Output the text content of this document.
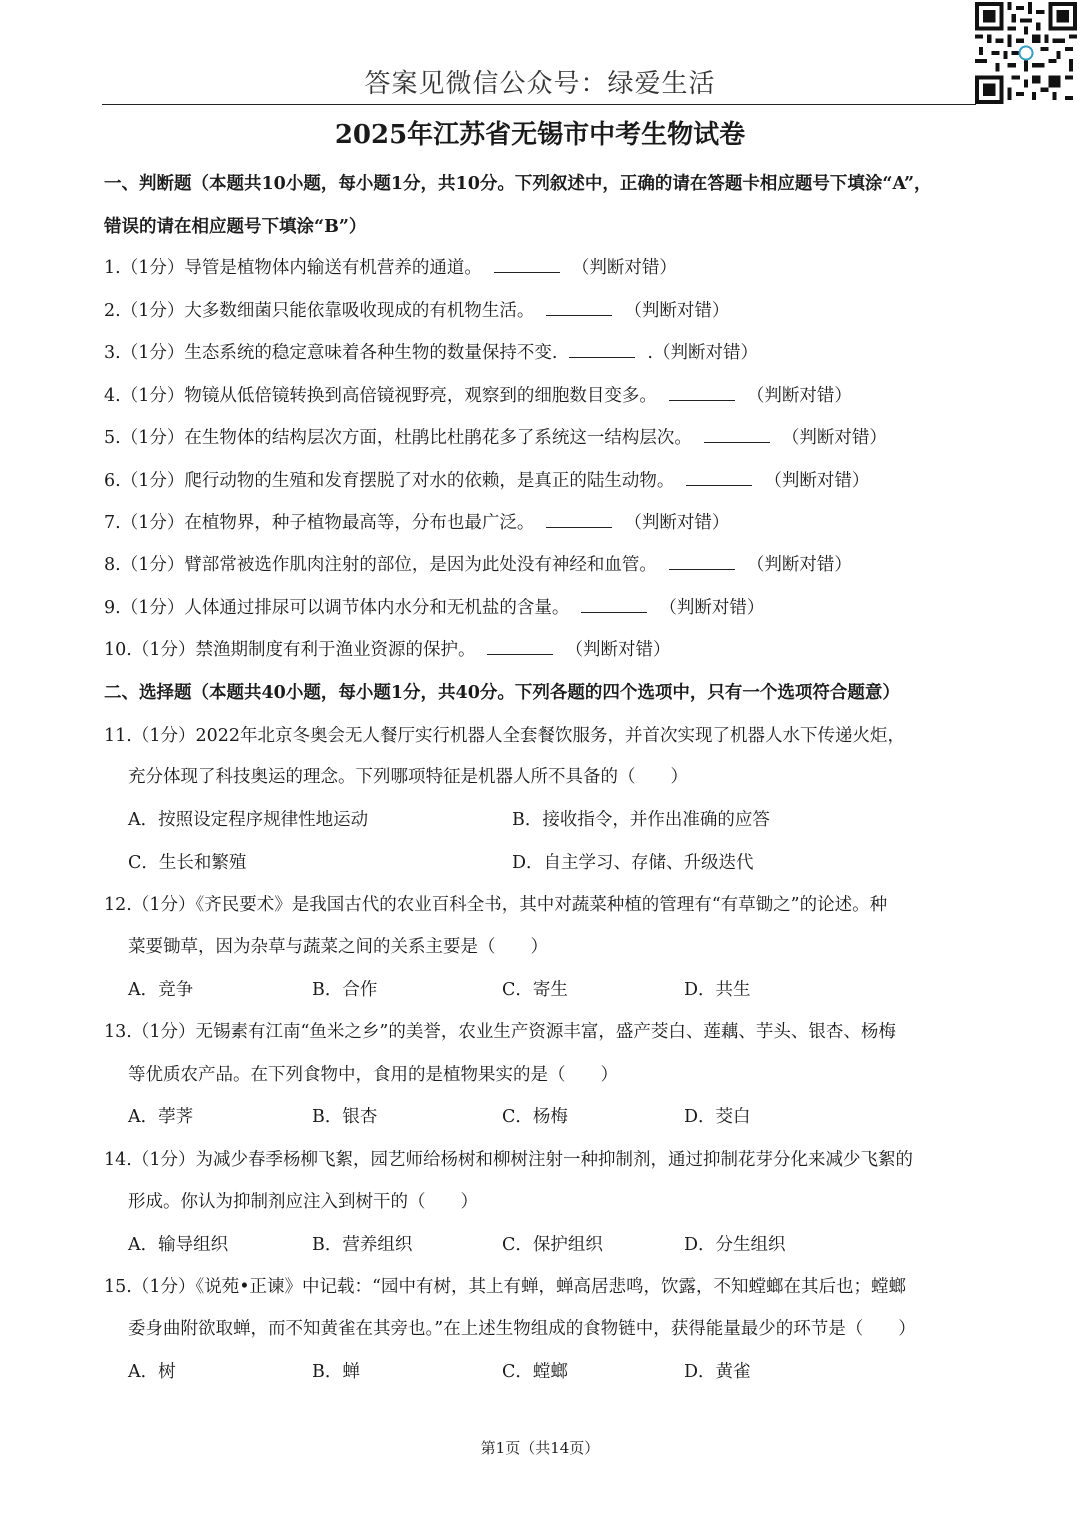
答案见微信公众号：绿爱生活
2025年江苏省无锡市中考生物试卷
一、判断题（本题共10小题，每小题1分，共10分。下列叙述中，正确的请在答题卡相应题号下填涂“A”，
错误的请在相应题号下填涂“B”）
1.（1分）导管是植物体内输送有机营养的通道。	（判断对错）
2.（1分）大多数细菌只能依靠吸收现成的有机物生活。	（判断对错）
3.（1分）生态系统的稳定意味着各种生物的数量保持不变.	.（判断对错）
4.（1分）物镜从低倍镜转换到高倍镜视野亮，观察到的细胞数目变多。	（判断对错）
5.（1分）在生物体的结构层次方面，杜鹃比杜鹃花多了系统这一结构层次。	（判断对错）
6.（1分）爬行动物的生殖和发育摆脱了对水的依赖，是真正的陆生动物。	（判断对错）
7.（1分）在植物界，种子植物最高等，分布也最广泛。	（判断对错）
8.（1分）臂部常被选作肌肉注射的部位，是因为此处没有神经和血管。	（判断对错）
9.（1分）人体通过排尿可以调节体内水分和无机盐的含量。	（判断对错）
10.（1分）禁渔期制度有利于渔业资源的保护。	（判断对错）
二、选择题（本题共40小题，每小题1分，共40分。下列各题的四个选项中，只有一个选项符合题意）
11.（1分）2022年北京冬奥会无人餐厅实行机器人全套餐饮服务，并首次实现了机器人水下传递火炬，
充分体现了科技奥运的理念。下列哪项特征是机器人所不具备的（　　）
A．按照设定程序规律性地运动	B．接收指令，并作出准确的应答
C．生长和繁殖	D．自主学习、存储、升级迭代
12.（1分）《齐民要术》是我国古代的农业百科全书，其中对蔬菜种植的管理有“有草锄之”的论述。种
菜要锄草，因为杂草与蔬菜之间的关系主要是（　　）
A．竞争	B．合作	C．寄生	D．共生
13.（1分）无锡素有江南“鱼米之乡”的美誉，农业生产资源丰富，盛产茭白、莲藕、芋头、银杏、杨梅
等优质农产品。在下列食物中，食用的是植物果实的是（　　）
A．荸荠	B．银杏	C．杨梅	D．茭白
14.（1分）为减少春季杨柳飞絮，园艺师给杨树和柳树注射一种抑制剂，通过抑制花芽分化来减少飞絮的
形成。你认为抑制剂应注入到树干的（　　）
A．输导组织	B．营养组织	C．保护组织	D．分生组织
15.（1分）《说苑•正谏》中记载：“园中有树，其上有蝉，蝉高居悲鸣，饮露，不知螳螂在其后也；螳螂
委身曲附欲取蝉，而不知黄雀在其旁也。”在上述生物组成的食物链中，获得能量最少的环节是（　　）
A．树	B．蝉	C．螳螂	D．黄雀
第1页（共14页）
